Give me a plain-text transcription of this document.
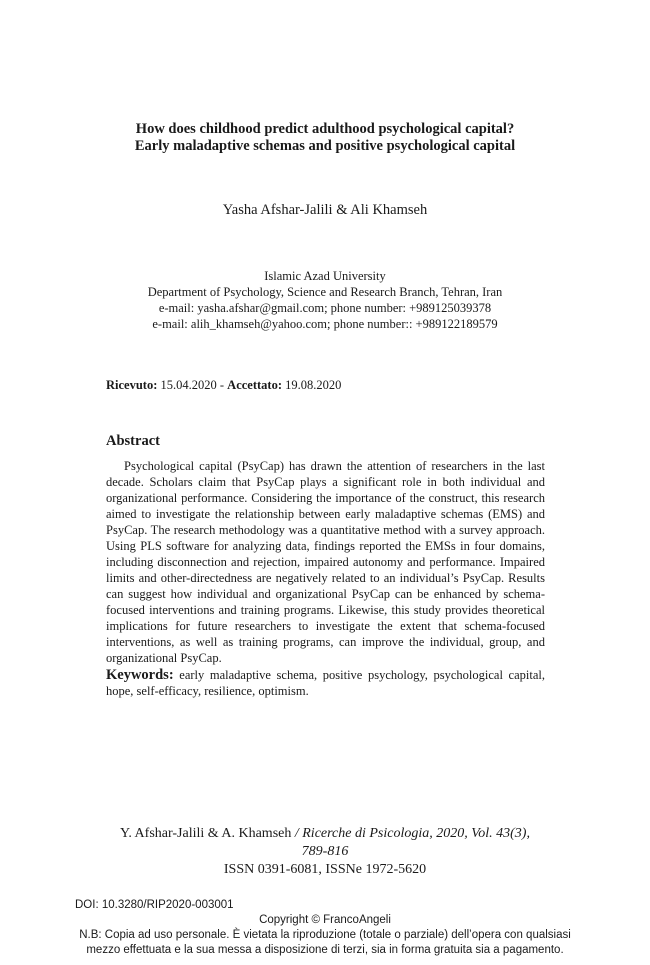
How does childhood predict adulthood psychological capital?
Early maladaptive schemas and positive psychological capital
Yasha Afshar-Jalili & Ali Khamseh
Islamic Azad University
Department of Psychology, Science and Research Branch, Tehran, Iran
e-mail: yasha.afshar@gmail.com; phone number: +989125039378
e-mail: alih_khamseh@yahoo.com; phone number:: +989122189579
Ricevuto: 15.04.2020 - Accettato: 19.08.2020
Abstract

Psychological capital (PsyCap) has drawn the attention of researchers in the last decade. Scholars claim that PsyCap plays a significant role in both individual and organizational performance. Considering the importance of the construct, this research aimed to investigate the relationship between early maladaptive schemas (EMS) and PsyCap. The research methodology was a quantitative method with a survey approach. Using PLS software for analyzing data, findings reported the EMSs in four domains, including disconnection and rejection, impaired autonomy and performance. Impaired limits and other-directedness are negatively related to an individual’s PsyCap. Results can suggest how individual and organizational PsyCap can be enhanced by schema-focused interventions and training programs. Likewise, this study provides theoretical implications for future researchers to investigate the extent that schema-focused interventions, as well as training programs, can improve the individual, group, and organizational PsyCap.

Keywords: early maladaptive schema, positive psychology, psychological capital, hope, self-efficacy, resilience, optimism.
Y. Afshar-Jalili & A. Khamseh / Ricerche di Psicologia, 2020, Vol. 43(3),
789-816
ISSN 0391-6081, ISSNe 1972-5620
DOI: 10.3280/RIP2020-003001
Copyright © FrancoAngeli
N.B: Copia ad uso personale. È vietata la riproduzione (totale o parziale) dell’opera con qualsiasi
mezzo effettuata e la sua messa a disposizione di terzi, sia in forma gratuita sia a pagamento.
